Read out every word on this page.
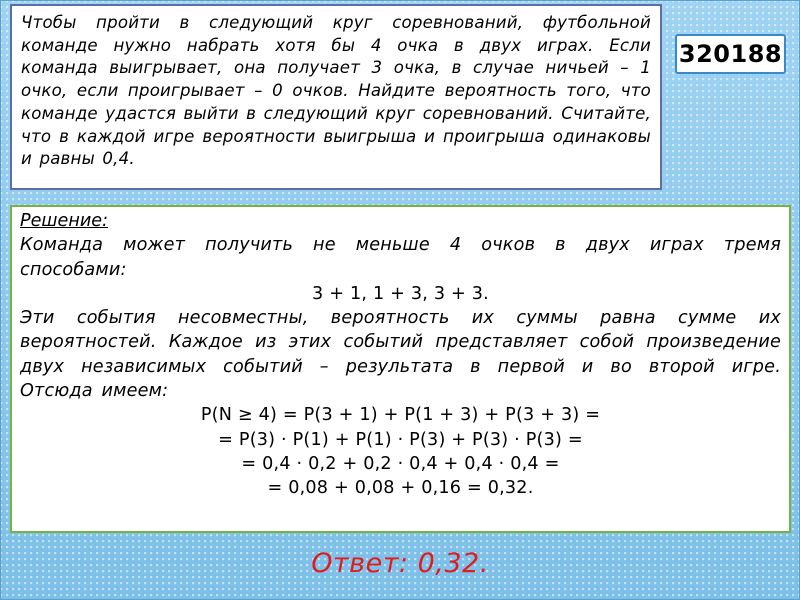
Чтобы пройти в следующий круг соревнований, футбольной команде нужно набрать хотя бы 4 очка в двух играх. Если команда выигрывает, она получает 3 очка, в случае ничьей – 1 очко, если проигрывает – 0 очков. Найдите вероятность того, что команде удастся выйти в следующий круг соревнований. Считайте, что в каждой игре вероятности выигрыша и проигрыша одинаковы и равны 0,4.
320188
Решение:
Команда может получить не меньше 4 очков в двух играх тремя способами:
3 + 1, 1 + 3, 3 + 3.
Эти события несовместны, вероятность их суммы равна сумме их вероятностей. Каждое из этих событий представляет собой произведение двух независимых событий – результата в первой и во второй игре. Отсюда имеем:
P(N ≥ 4) = P(3 + 1) + P(1 + 3) + P(3 + 3) =
= P(3) · P(1) + P(1) · P(3) + P(3) · P(3) =
= 0,4 · 0,2 + 0,2 · 0,4 + 0,4 · 0,4 =
= 0,08 + 0,08 + 0,16 = 0,32.
Ответ: 0,32.
